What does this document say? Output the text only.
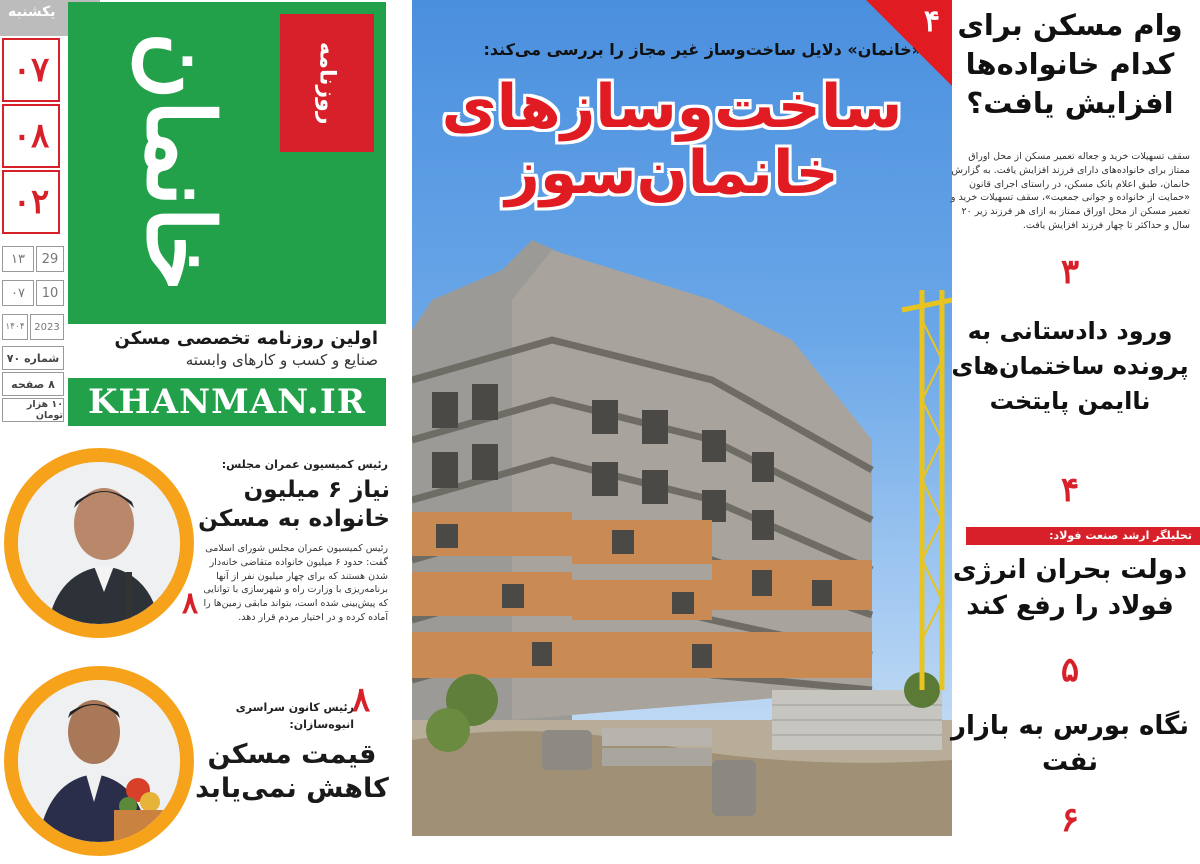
یکشنبه
۰۷
۰۸
۰۲
29
۱۳
10
۰۷
2023
۱۴۰۴
شماره ۷۰
۸ صفحه
۱۰ هزار تومان
روزنامه
خانمان
اولین روزنامه تخصصی مسکن
صنایع و کسب و کارهای وابسته
KHANMAN.IR
رئیس کمیسیون عمران مجلس:
نیاز ۶ میلیون خانواده به مسکن
رئیس کمیسیون عمران مجلس شورای اسلامی گفت: حدود ۶ میلیون خانواده متقاضی خانه‌دار شدن هستند که برای چهار میلیون نفر از آنها برنامه‌ریزی با وزارت راه و شهرسازی با توانایی که پیش‌بینی شده است، بتواند مابقی زمین‌ها را آماده کرده و در اختیار مردم قرار دهد.
۸
۸
رئیس کانون سراسری انبوه‌سازان:
قیمت مسکن کاهش نمی‌یابد
«خانمان» دلایل ساخت‌وساز غیر مجاز را بررسی می‌کند:
ساخت‌وسازهای
خانمان‌سوز
۴ وام مسکن برای کدام خانواده‌ها افزایش یافت؟
سقف تسهیلات خرید و جعاله تعمیر مسکن از محل اوراق ممتاز برای خانواده‌های دارای فرزند افزایش یافت. به گزارش خانمان، طبق اعلام بانک مسکن، در راستای اجرای قانون «حمایت از خانواده و جوانی جمعیت»، سقف تسهیلات خرید و تعمیر مسکن از محل اوراق ممتاز به ازای هر فرزند زیر ۲۰ سال و حداکثر تا چهار فرزند افزایش یافت.
۳
ورود دادستانی به پرونده ساختمان‌های ناایمن پایتخت
۴
تحلیلگر ارشد صنعت فولاد:
دولت بحران انرژی فولاد را رفع کند
۵
نگاه بورس به بازار نفت
۶
